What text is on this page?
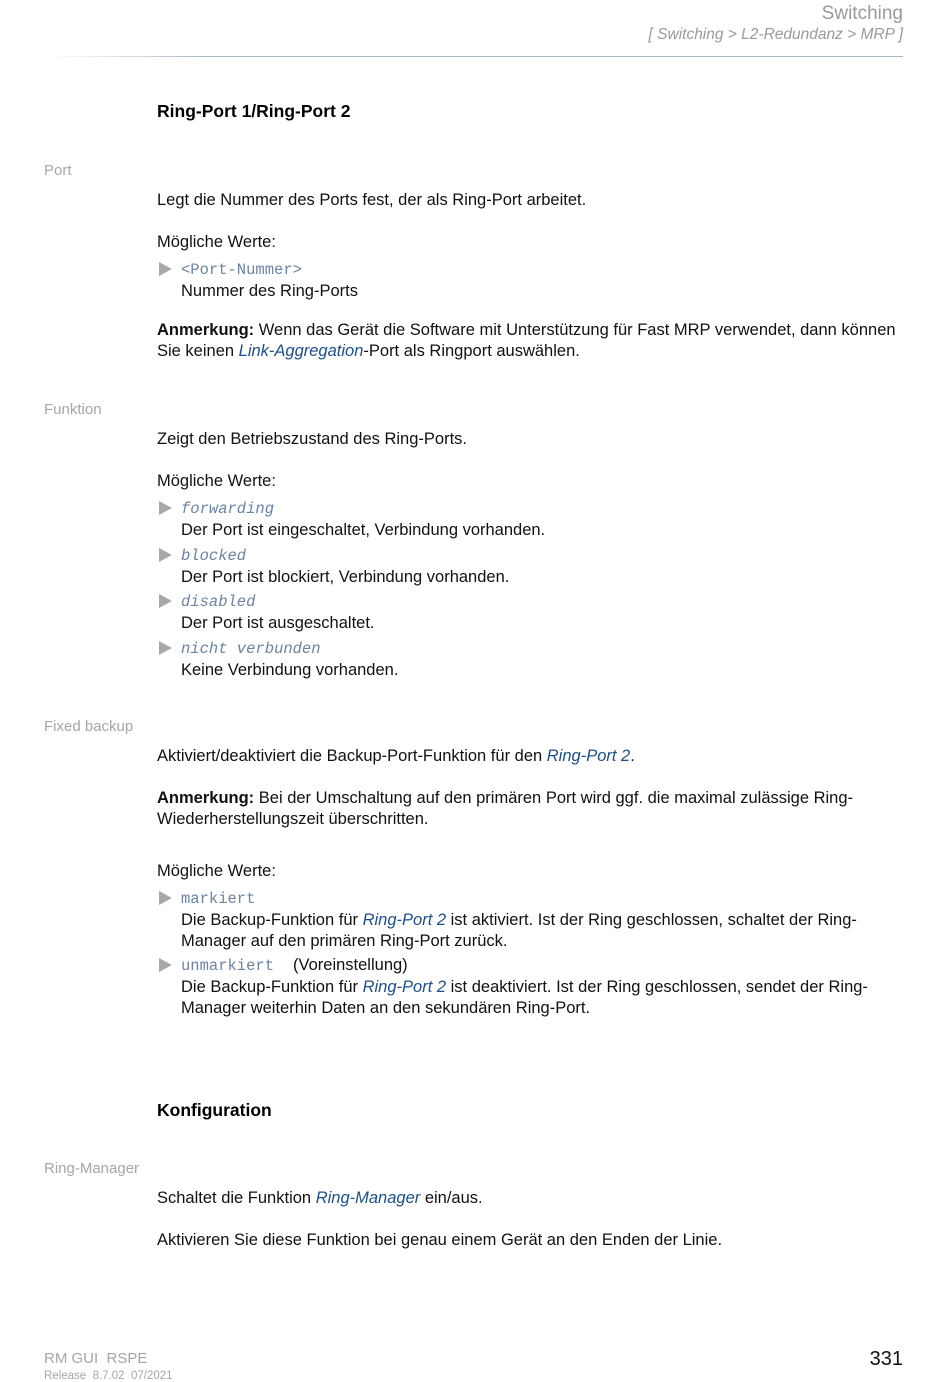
Switching
[ Switching > L2-Redundanz > MRP ]
Ring-Port 1/Ring-Port 2
Port
Legt die Nummer des Ports fest, der als Ring-Port arbeitet.
Mögliche Werte:
<Port-Nummer>
Nummer des Ring-Ports
Anmerkung: Wenn das Gerät die Software mit Unterstützung für Fast MRP verwendet, dann können Sie keinen Link-Aggregation-Port als Ringport auswählen.
Funktion
Zeigt den Betriebszustand des Ring-Ports.
Mögliche Werte:
forwarding
Der Port ist eingeschaltet, Verbindung vorhanden.
blocked
Der Port ist blockiert, Verbindung vorhanden.
disabled
Der Port ist ausgeschaltet.
nicht verbunden
Keine Verbindung vorhanden.
Fixed backup
Aktiviert/deaktiviert die Backup-Port-Funktion für den Ring-Port 2.
Anmerkung: Bei der Umschaltung auf den primären Port wird ggf. die maximal zulässige Ring-Wiederherstellungszeit überschritten.
Mögliche Werte:
markiert
Die Backup-Funktion für Ring-Port 2 ist aktiviert. Ist der Ring geschlossen, schaltet der Ring-Manager auf den primären Ring-Port zurück.
unmarkiert (Voreinstellung)
Die Backup-Funktion für Ring-Port 2 ist deaktiviert. Ist der Ring geschlossen, sendet der Ring-Manager weiterhin Daten an den sekundären Ring-Port.
Konfiguration
Ring-Manager
Schaltet die Funktion Ring-Manager ein/aus.
Aktivieren Sie diese Funktion bei genau einem Gerät an den Enden der Linie.
RM GUI  RSPE
Release  8.7.02  07/2021
331
